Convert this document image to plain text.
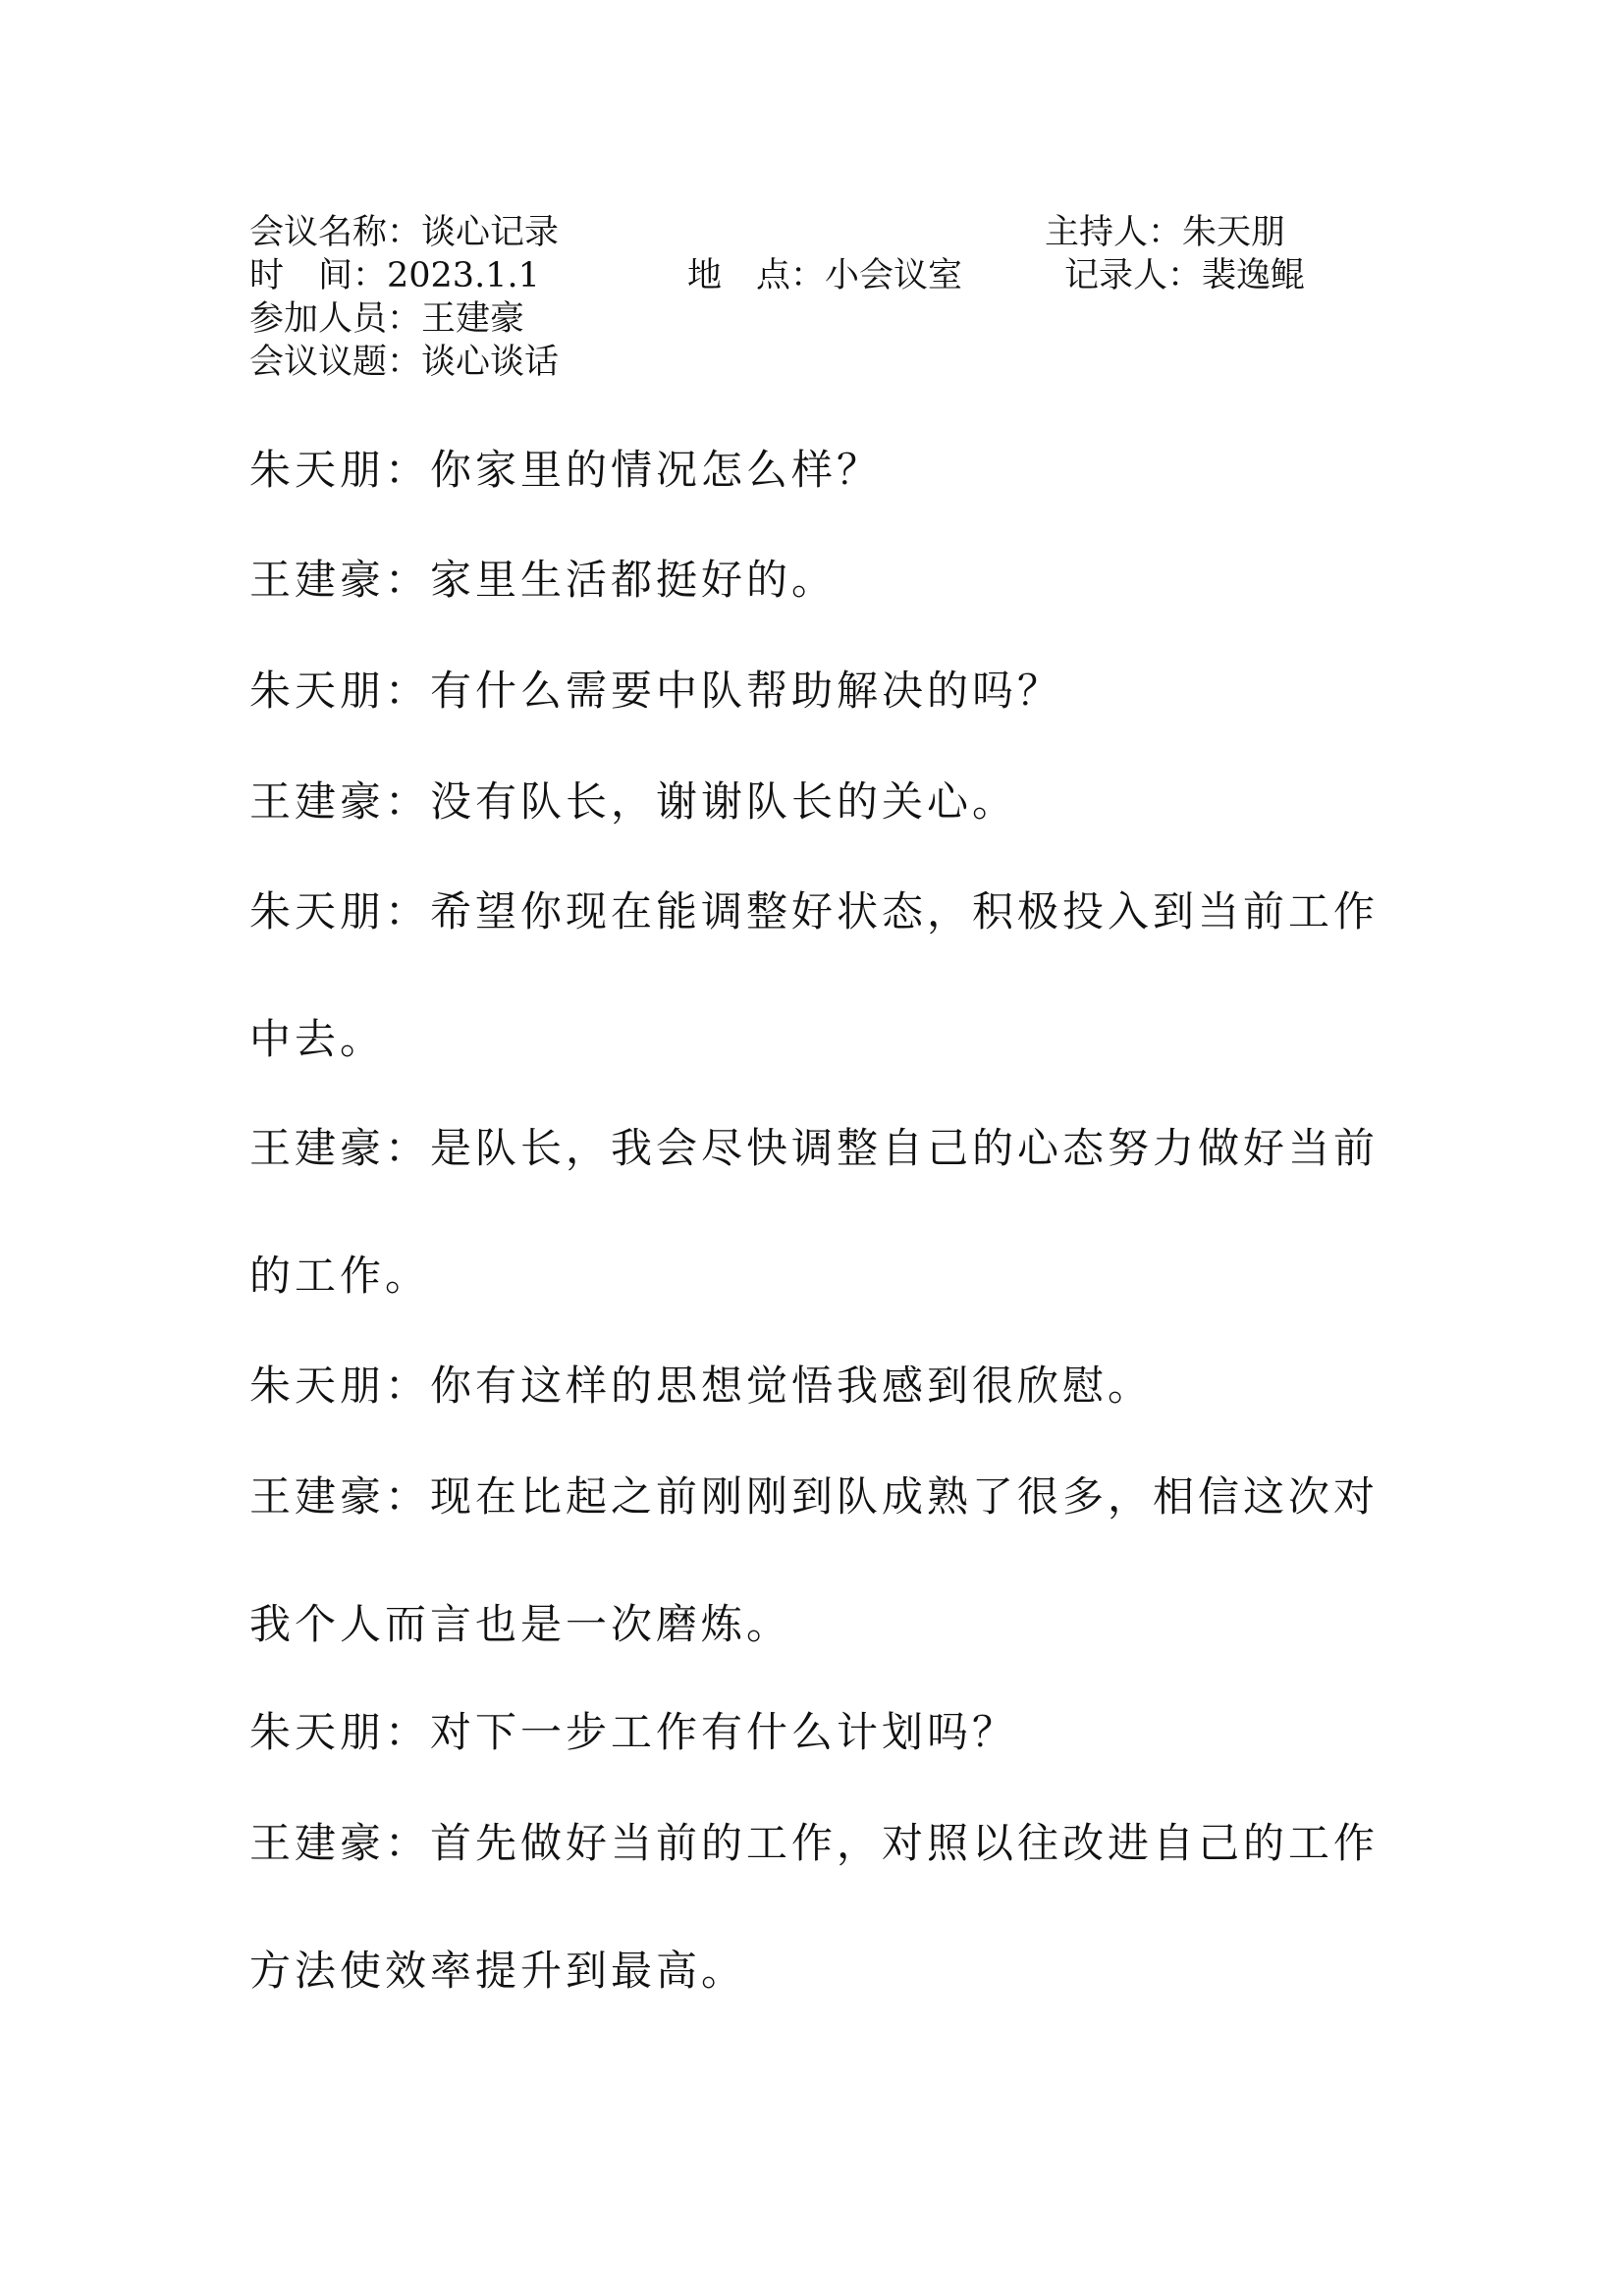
会议名称：谈心记录	主持人：朱天朋
时　间：2023.1.1	地　点：小会议室	记录人：裴逸鲲
参加人员：王建豪
会议议题：谈心谈话
朱天朋：你家里的情况怎么样？
王建豪：家里生活都挺好的。
朱天朋：有什么需要中队帮助解决的吗？
王建豪：没有队长，谢谢队长的关心。
朱天朋：希望你现在能调整好状态，积极投入到当前工作
中去。
王建豪：是队长，我会尽快调整自己的心态努力做好当前
的工作。
朱天朋：你有这样的思想觉悟我感到很欣慰。
王建豪：现在比起之前刚刚到队成熟了很多，相信这次对
我个人而言也是一次磨炼。
朱天朋：对下一步工作有什么计划吗？
王建豪：首先做好当前的工作，对照以往改进自己的工作
方法使效率提升到最高。
